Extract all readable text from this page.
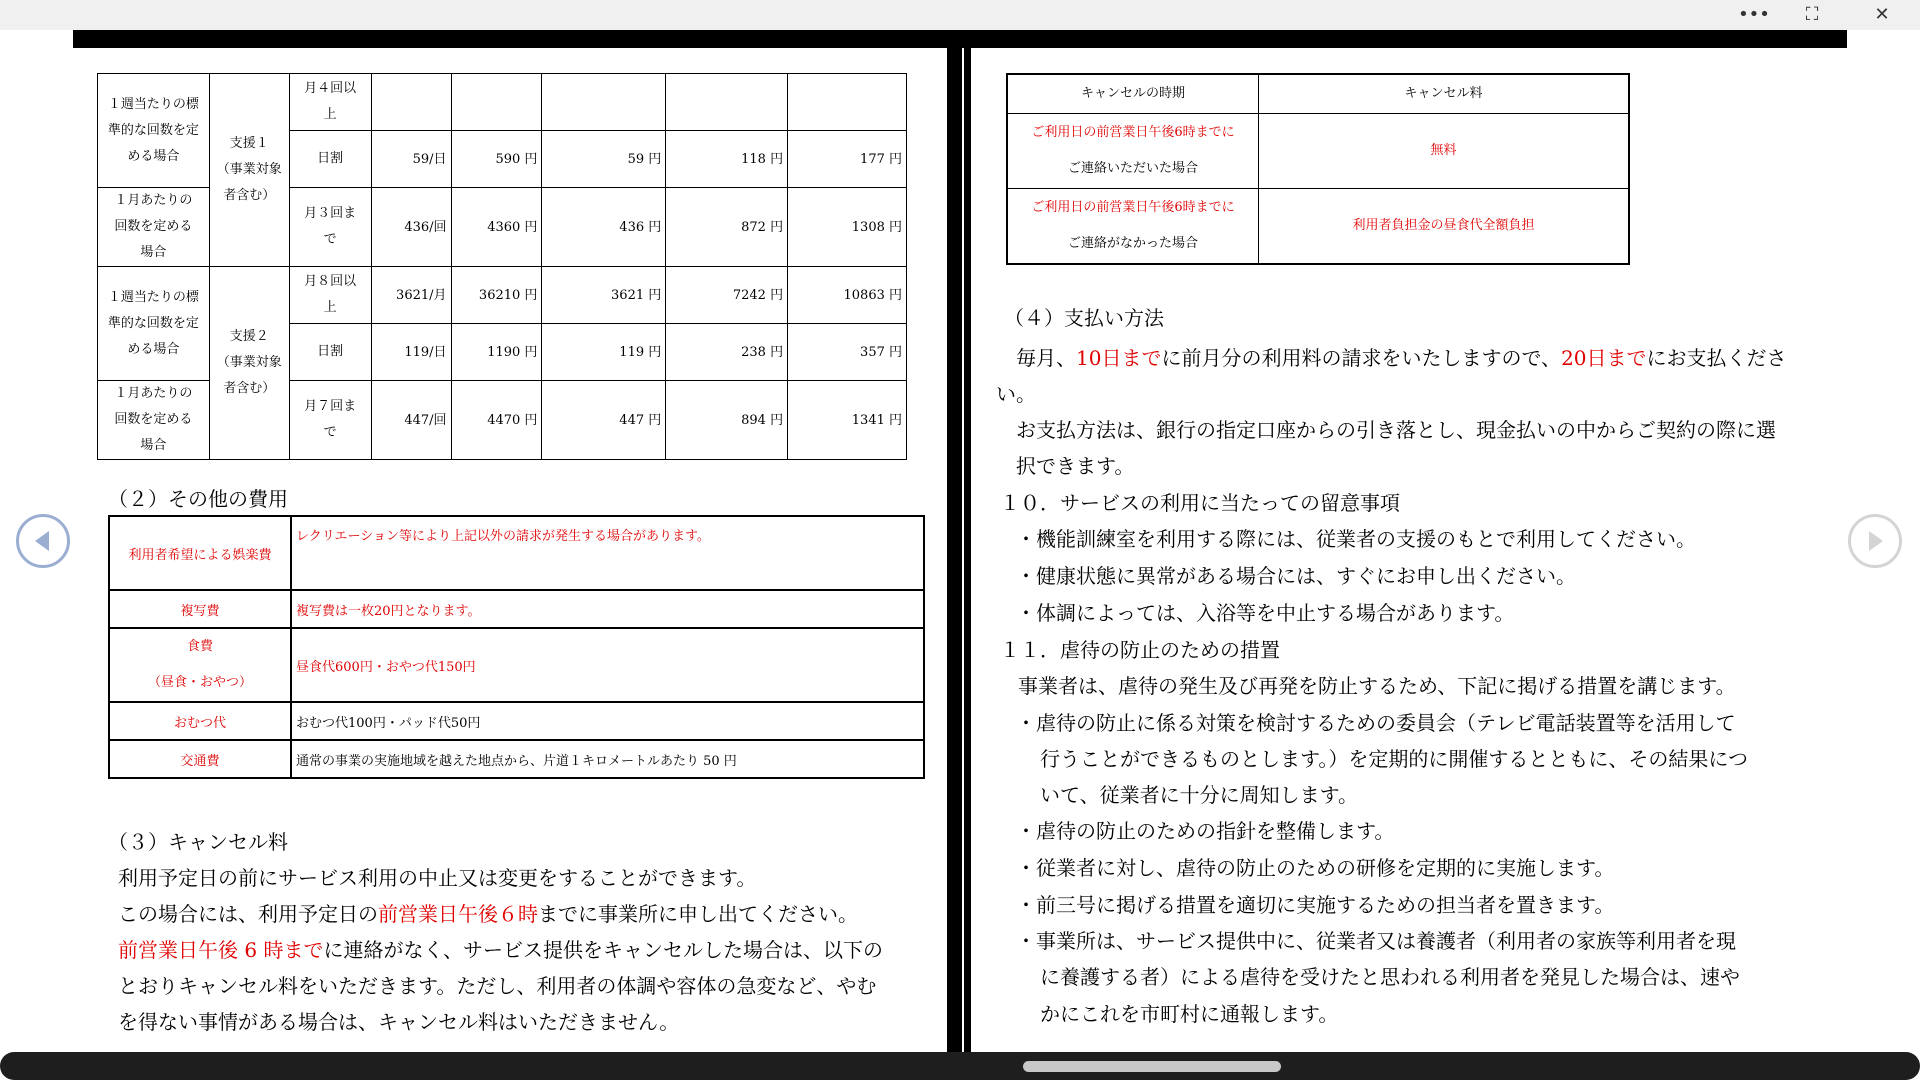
•••	⛶	✕
１週当たりの標
準的な回数を定
める場合	支援１
（事業対象
者含む）	月４回以
上					
		日割	59/日	590 円	59 円	118 円	177 円
１月あたりの
回数を定める
場合		月３回ま
で	436/回	4360 円	436 円	872 円	1308 円
１週当たりの標
準的な回数を定
める場合	支援２
（事業対象
者含む）	月８回以
上	3621/月	36210 円	3621 円	7242 円	10863 円
		日割	119/日	1190 円	119 円	238 円	357 円
１月あたりの
回数を定める
場合		月７回ま
で	447/回	4470 円	447 円	894 円	1341 円
（２）その他の費用
利用者希望による娯楽費	レクリエーション等により上記以外の請求が発生する場合があります。
複写費	複写費は一枚20円となります。
食費
（昼食・おやつ）	昼食代600円・おやつ代150円
おむつ代	おむつ代100円・パッド代50円
交通費	通常の事業の実施地域を越えた地点から、片道１キロメートルあたり 50 円
（３）キャンセル料
利用予定日の前にサービス利用の中止又は変更をすることができます。
この場合には、利用予定日の前営業日午後６時までに事業所に申し出てください。
前営業日午後 6 時までに連絡がなく、サービス提供をキャンセルした場合は、以下の
とおりキャンセル料をいただきます。ただし、利用者の体調や容体の急変など、やむ
を得ない事情がある場合は、キャンセル料はいただきません。
キャンセルの時期	キャンセル料
ご利用日の前営業日午後6時までに
ご連絡いただいた場合	無料
ご利用日の前営業日午後6時までに
ご連絡がなかった場合	利用者負担金の昼食代全額負担
（４）支払い方法
毎月、10日までに前月分の利用料の請求をいたしますので、20日までにお支払くださ
い。
お支払方法は、銀行の指定口座からの引き落とし、現金払いの中からご契約の際に選
択できます。
１０．サービスの利用に当たっての留意事項
・機能訓練室を利用する際には、従業者の支援のもとで利用してください。
・健康状態に異常がある場合には、すぐにお申し出ください。
・体調によっては、入浴等を中止する場合があります。
１１．虐待の防止のための措置
事業者は、虐待の発生及び再発を防止するため、下記に掲げる措置を講じます。
・虐待の防止に係る対策を検討するための委員会（テレビ電話装置等を活用して
行うことができるものとします。）を定期的に開催するとともに、その結果につ
いて、従業者に十分に周知します。
・虐待の防止のための指針を整備します。
・従業者に対し、虐待の防止のための研修を定期的に実施します。
・前三号に掲げる措置を適切に実施するための担当者を置きます。
・事業所は、サービス提供中に、従業者又は養護者（利用者の家族等利用者を現
に養護する者）による虐待を受けたと思われる利用者を発見した場合は、速や
かにこれを市町村に通報します。
